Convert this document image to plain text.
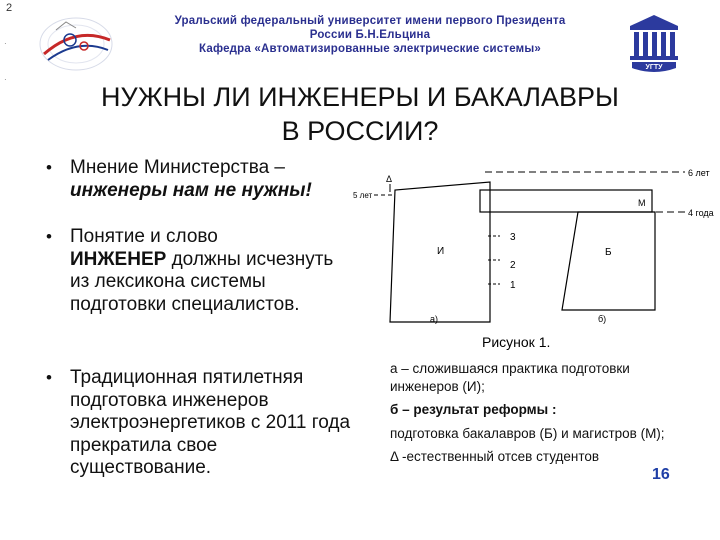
2
·
·
Уральский федеральный университет имени первого Президента
России Б.Н.Ельцина
Кафедра «Автоматизированные электрические системы»
УГТУ
НУЖНЫ ЛИ ИНЖЕНЕРЫ И БАКАЛАВРЫ
В РОССИИ?
• Мнение Министерства –
инженеры нам не нужны!
• Понятие и слово
ИНЖЕНЕР должны исчезнуть из лексикона системы подготовки специалистов.
• Традиционная пятилетняя подготовка инженеров электроэнергетиков с 2011 года прекратила свое существование.
6 лет
5 лет
4 года
Δ
М
И	Б
3
2
1
а)	б)
Рисунок 1.

а – сложившаяся практика подготовки инженеров (И);

б – результат реформы :

подготовка бакалавров (Б) и магистров (М);

Δ -естественный отсев студентов

16
